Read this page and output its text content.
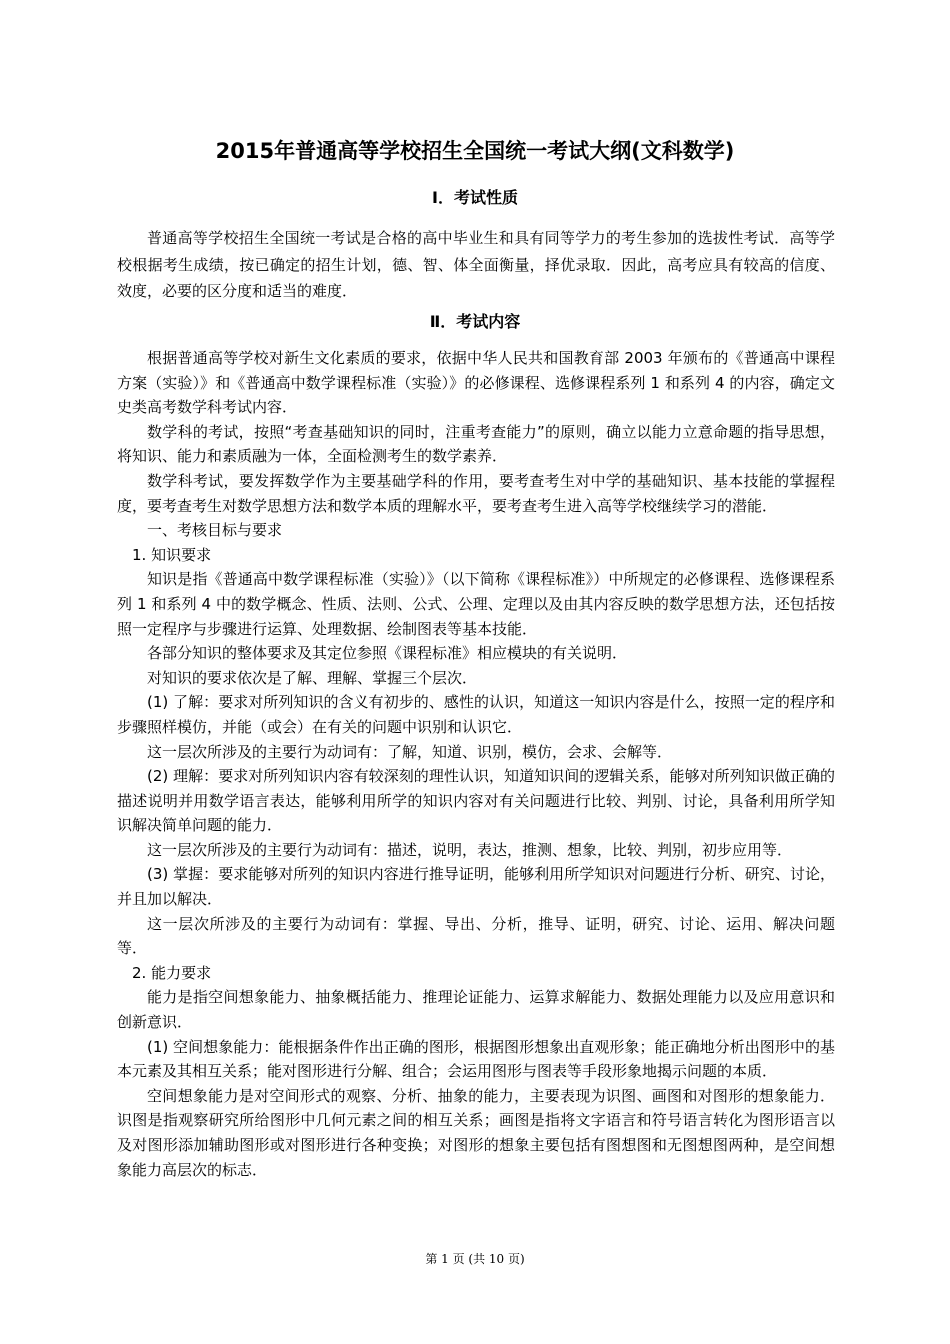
2015年普通高等学校招生全国统一考试大纲(文科数学)
Ⅰ．考试性质

普通高等学校招生全国统一考试是合格的高中毕业生和具有同等学力的考生参加的选拔性考试．高等学校根据考生成绩，按已确定的招生计划，德、智、体全面衡量，择优录取．因此，高考应具有较高的信度、效度，必要的区分度和适当的难度．

Ⅱ．考试内容

根据普通高等学校对新生文化素质的要求，依据中华人民共和国教育部 2003 年颁布的《普通高中课程方案（实验）》和《普通高中数学课程标准（实验）》的必修课程、选修课程系列 1 和系列 4 的内容，确定文史类高考数学科考试内容．

数学科的考试，按照“考查基础知识的同时，注重考查能力”的原则，确立以能力立意命题的指导思想，将知识、能力和素质融为一体，全面检测考生的数学素养．

数学科考试，要发挥数学作为主要基础学科的作用，要考查考生对中学的基础知识、基本技能的掌握程度，要考查考生对数学思想方法和数学本质的理解水平，要考查考生进入高等学校继续学习的潜能．

一、考核目标与要求

1. 知识要求

知识是指《普通高中数学课程标准（实验）》（以下简称《课程标准》）中所规定的必修课程、选修课程系列 1 和系列 4 中的数学概念、性质、法则、公式、公理、定理以及由其内容反映的数学思想方法，还包括按照一定程序与步骤进行运算、处理数据、绘制图表等基本技能．

各部分知识的整体要求及其定位参照《课程标准》相应模块的有关说明．

对知识的要求依次是了解、理解、掌握三个层次．

(1) 了解：要求对所列知识的含义有初步的、感性的认识，知道这一知识内容是什么，按照一定的程序和步骤照样模仿，并能（或会）在有关的问题中识别和认识它．

这一层次所涉及的主要行为动词有：了解，知道、识别，模仿，会求、会解等．

(2) 理解：要求对所列知识内容有较深刻的理性认识，知道知识间的逻辑关系，能够对所列知识做正确的描述说明并用数学语言表达，能够利用所学的知识内容对有关问题进行比较、判别、讨论，具备利用所学知识解决简单问题的能力．

这一层次所涉及的主要行为动词有：描述，说明，表达，推测、想象，比较、判别，初步应用等．

(3) 掌握：要求能够对所列的知识内容进行推导证明，能够利用所学知识对问题进行分析、研究、讨论，并且加以解决．

这一层次所涉及的主要行为动词有：掌握、导出、分析，推导、证明，研究、讨论、运用、解决问题等．

2. 能力要求

能力是指空间想象能力、抽象概括能力、推理论证能力、运算求解能力、数据处理能力以及应用意识和创新意识．

(1) 空间想象能力：能根据条件作出正确的图形，根据图形想象出直观形象；能正确地分析出图形中的基本元素及其相互关系；能对图形进行分解、组合；会运用图形与图表等手段形象地揭示问题的本质．

空间想象能力是对空间形式的观察、分析、抽象的能力，主要表现为识图、画图和对图形的想象能力．识图是指观察研究所给图形中几何元素之间的相互关系；画图是指将文字语言和符号语言转化为图形语言以及对图形添加辅助图形或对图形进行各种变换；对图形的想象主要包括有图想图和无图想图两种，是空间想象能力高层次的标志．

第 1 页 (共 10 页)
